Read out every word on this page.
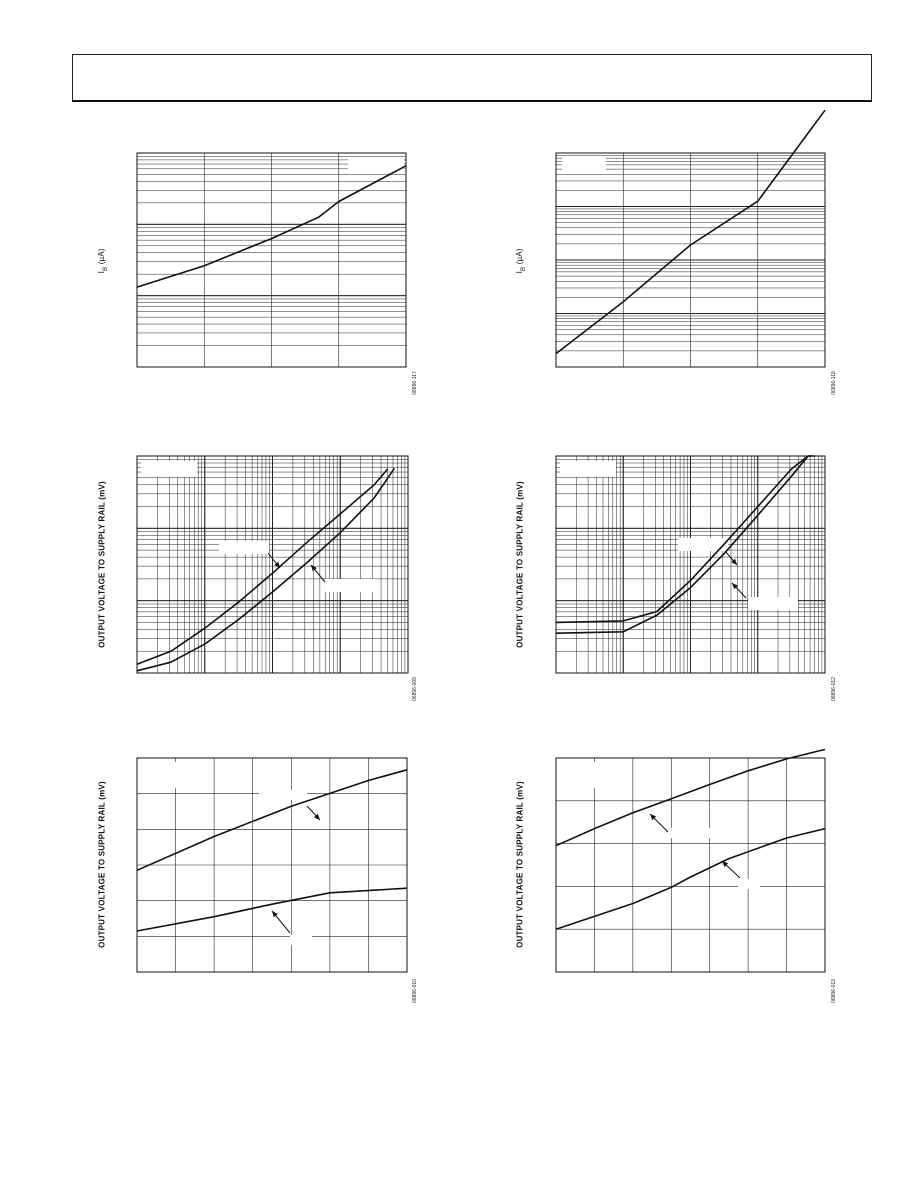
$I_B$ (µA)
$I_B$ (µA)
OUTPUT VOLTAGE TO SUPPLY RAIL (mV)	OUTPUT VOLTAGE TO SUPPLY RAIL (mV)
OUTPUT VOLTAGE TO SUPPLY RAIL (mV)	OUTPUT VOLTAGE TO SUPPLY RAIL (mV)
06896-117	06896-118
06896-009	06896-012
06896-010	06896-013
